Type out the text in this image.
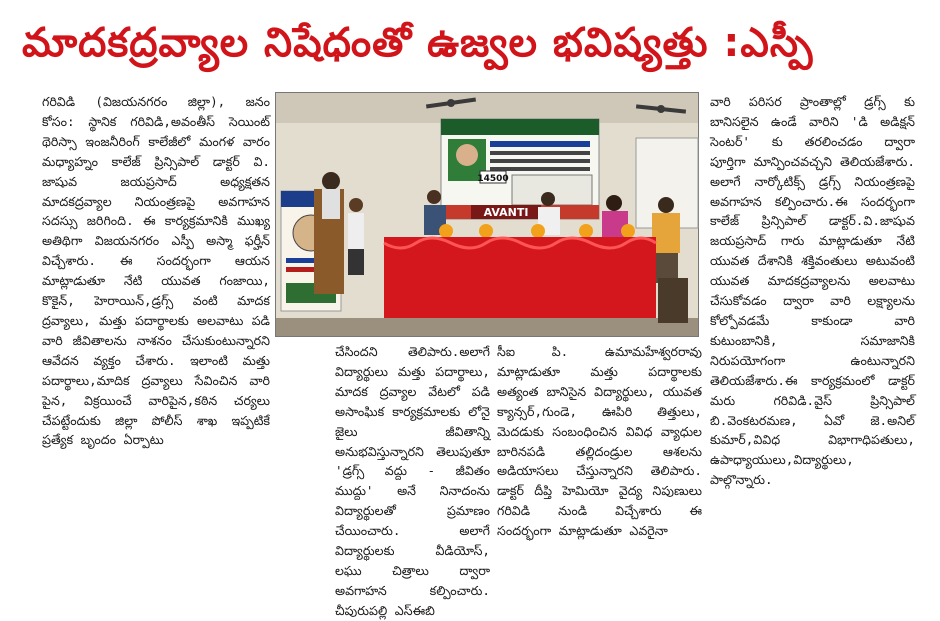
మాదకద్రవ్యాల నిషేధంతో ఉజ్వల భవిష్యత్తు :ఎస్పీ

గరివిడి (విజయనగరం జిల్లా), జనం కోసం: స్థానిక గరివిడి,అవంతీస్ సెయింట్ థెరిస్సా ఇంజనీరింగ్ కాలేజీలో మంగళ వారం మధ్యాహ్నం కాలేజ్ ప్రిన్సిపాల్ డాక్టర్ వి. జాషువ జయప్రసాద్ అధ్యక్షతన మాదకద్రవ్యాల నియంత్రణపై అవగాహన సదస్సు జరిగింది. ఈ కార్యక్రమానికి ముఖ్య అతిథిగా విజయనగరం ఎస్పీ అస్మా ఫర్హీన్ విచ్చేశారు. ఈ సందర్భంగా ఆయన మాట్లాడుతూ నేటి యువత గంజాయి, కొకైన్, హెరాయిన్,డ్రగ్స్ వంటి మాదక ద్రవ్యాలు, మత్తు పదార్థాలకు అలవాటు పడి వారి జీవితాలను నాశనం చేసుకుంటున్నారని ఆవేదన వ్యక్తం చేశారు. ఇలాంటి మత్తు పదార్థాలు,మాదిక ద్రవ్యాలు సేవించిన వారి పైన, విక్రయించే వారిపైన,కఠిన చర్యలు చేపట్టేందుకు జిల్లా పోలీస్ శాఖ ఇప్పటికే ప్రత్యేక బృందం ఏర్పాటు

14500
AVANTI

చేసిందని తెలిపారు.అలాగే విద్యార్థులు మత్తు పదార్థాలు, మాదక ద్రవ్యాల వేటలో పడి అసాంఘిక కార్యక్రమాలకు లోనై జైలు జీవితాన్ని అనుభవిస్తున్నారని తెలుపుతూ 'డ్రగ్స్ వద్దు - జీవితం ముద్దు' అనే నినాదంను విద్యార్థులతో ప్రమాణం చేయించారు. అలాగే విద్యార్థులకు వీడియోస్, లఘు చిత్రాలు ద్వారా అవగాహన కల్పించారు. చీపురుపల్లి ఎస్ఈబి

సీఐ పి. ఉమామహేశ్వరరావు మాట్లాడుతూ మత్తు పదార్థాలకు అత్యంత బానిసైన విద్యార్థులు, యువత క్యాన్సర్,గుండె, ఊపిరి తిత్తులు, మెదడుకు సంబంధించిన వివిధ వ్యాధుల బారినపడి తల్లిదండ్రుల ఆశలను అడియాసలు చేస్తున్నారని తెలిపారు. డాక్టర్ దీప్తి హెమియో వైద్య నిపుణులు గరివిడి నుండి విచ్చేశారు ఈ సందర్భంగా మాట్లాడుతూ ఎవరైనా

వారి పరిసర ప్రాంతాల్లో డ్రగ్స్ కు బానిసలైన ఉండే వారిని 'డి అడిక్షన్ సెంటర్' కు తరలించడం ద్వారా పూర్తిగా మాన్పించవచ్చని తెలియజేశారు. అలాగే నార్కోటిక్స్ డ్రగ్స్ నియంత్రణపై అవగాహన కల్పించారు.ఈ సందర్భంగా కాలేజ్ ప్రిన్సిపాల్ డాక్టర్.వి.జాషువ జయప్రసాద్ గారు మాట్లాడుతూ నేటి యువత దేశానికి శక్తివంతులు అటువంటి యువత మాదకద్రవ్యాలను అలవాటు చేసుకోవడం ద్వారా వారి లక్ష్యాలను కోల్పోవడమే కాకుండా వారి కుటుంబానికి, సమాజానికి నిరుపయోగంగా ఉంటున్నారని తెలియజేశారు.ఈ కార్యక్రమంలో డాక్టర్ మరు గరివిడి.వైస్ ప్రిన్సిపాల్ బి.వెంకటరమణ, ఏవో జె.అనిల్ కుమార్,వివిధ విభాగాధిపతులు, ఉపాధ్యాయులు,విద్యార్థులు, పాల్గొన్నారు.
